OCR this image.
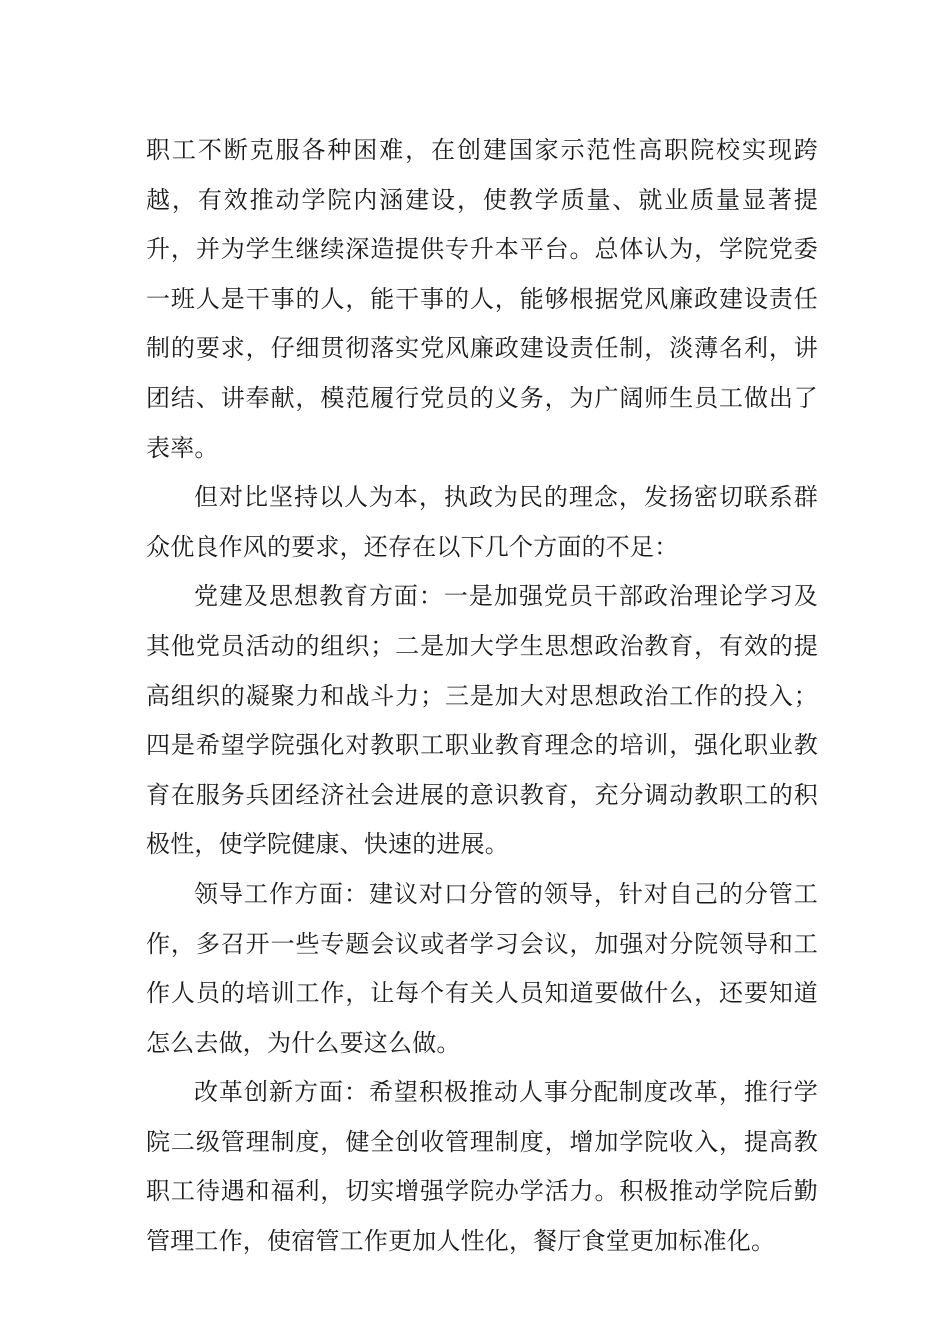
职工不断克服各种困难，在创建国家示范性高职院校实现跨越，有效推动学院内涵建设，使教学质量、就业质量显著提升，并为学生继续深造提供专升本平台。总体认为，学院党委一班人是干事的人，能干事的人，能够根据党风廉政建设责任制的要求，仔细贯彻落实党风廉政建设责任制，淡薄名利，讲团结、讲奉献，模范履行党员的义务，为广阔师生员工做出了表率。

但对比坚持以人为本，执政为民的理念，发扬密切联系群众优良作风的要求，还存在以下几个方面的不足：

党建及思想教育方面：一是加强党员干部政治理论学习及其他党员活动的组织；二是加大学生思想政治教育，有效的提高组织的凝聚力和战斗力；三是加大对思想政治工作的投入；四是希望学院强化对教职工职业教育理念的培训，强化职业教育在服务兵团经济社会进展的意识教育，充分调动教职工的积极性，使学院健康、快速的进展。

领导工作方面：建议对口分管的领导，针对自己的分管工作，多召开一些专题会议或者学习会议，加强对分院领导和工作人员的培训工作，让每个有关人员知道要做什么，还要知道怎么去做，为什么要这么做。

改革创新方面：希望积极推动人事分配制度改革，推行学院二级管理制度，健全创收管理制度，增加学院收入，提高教职工待遇和福利，切实增强学院办学活力。积极推动学院后勤管理工作，使宿管工作更加人性化，餐厅食堂更加标准化。
